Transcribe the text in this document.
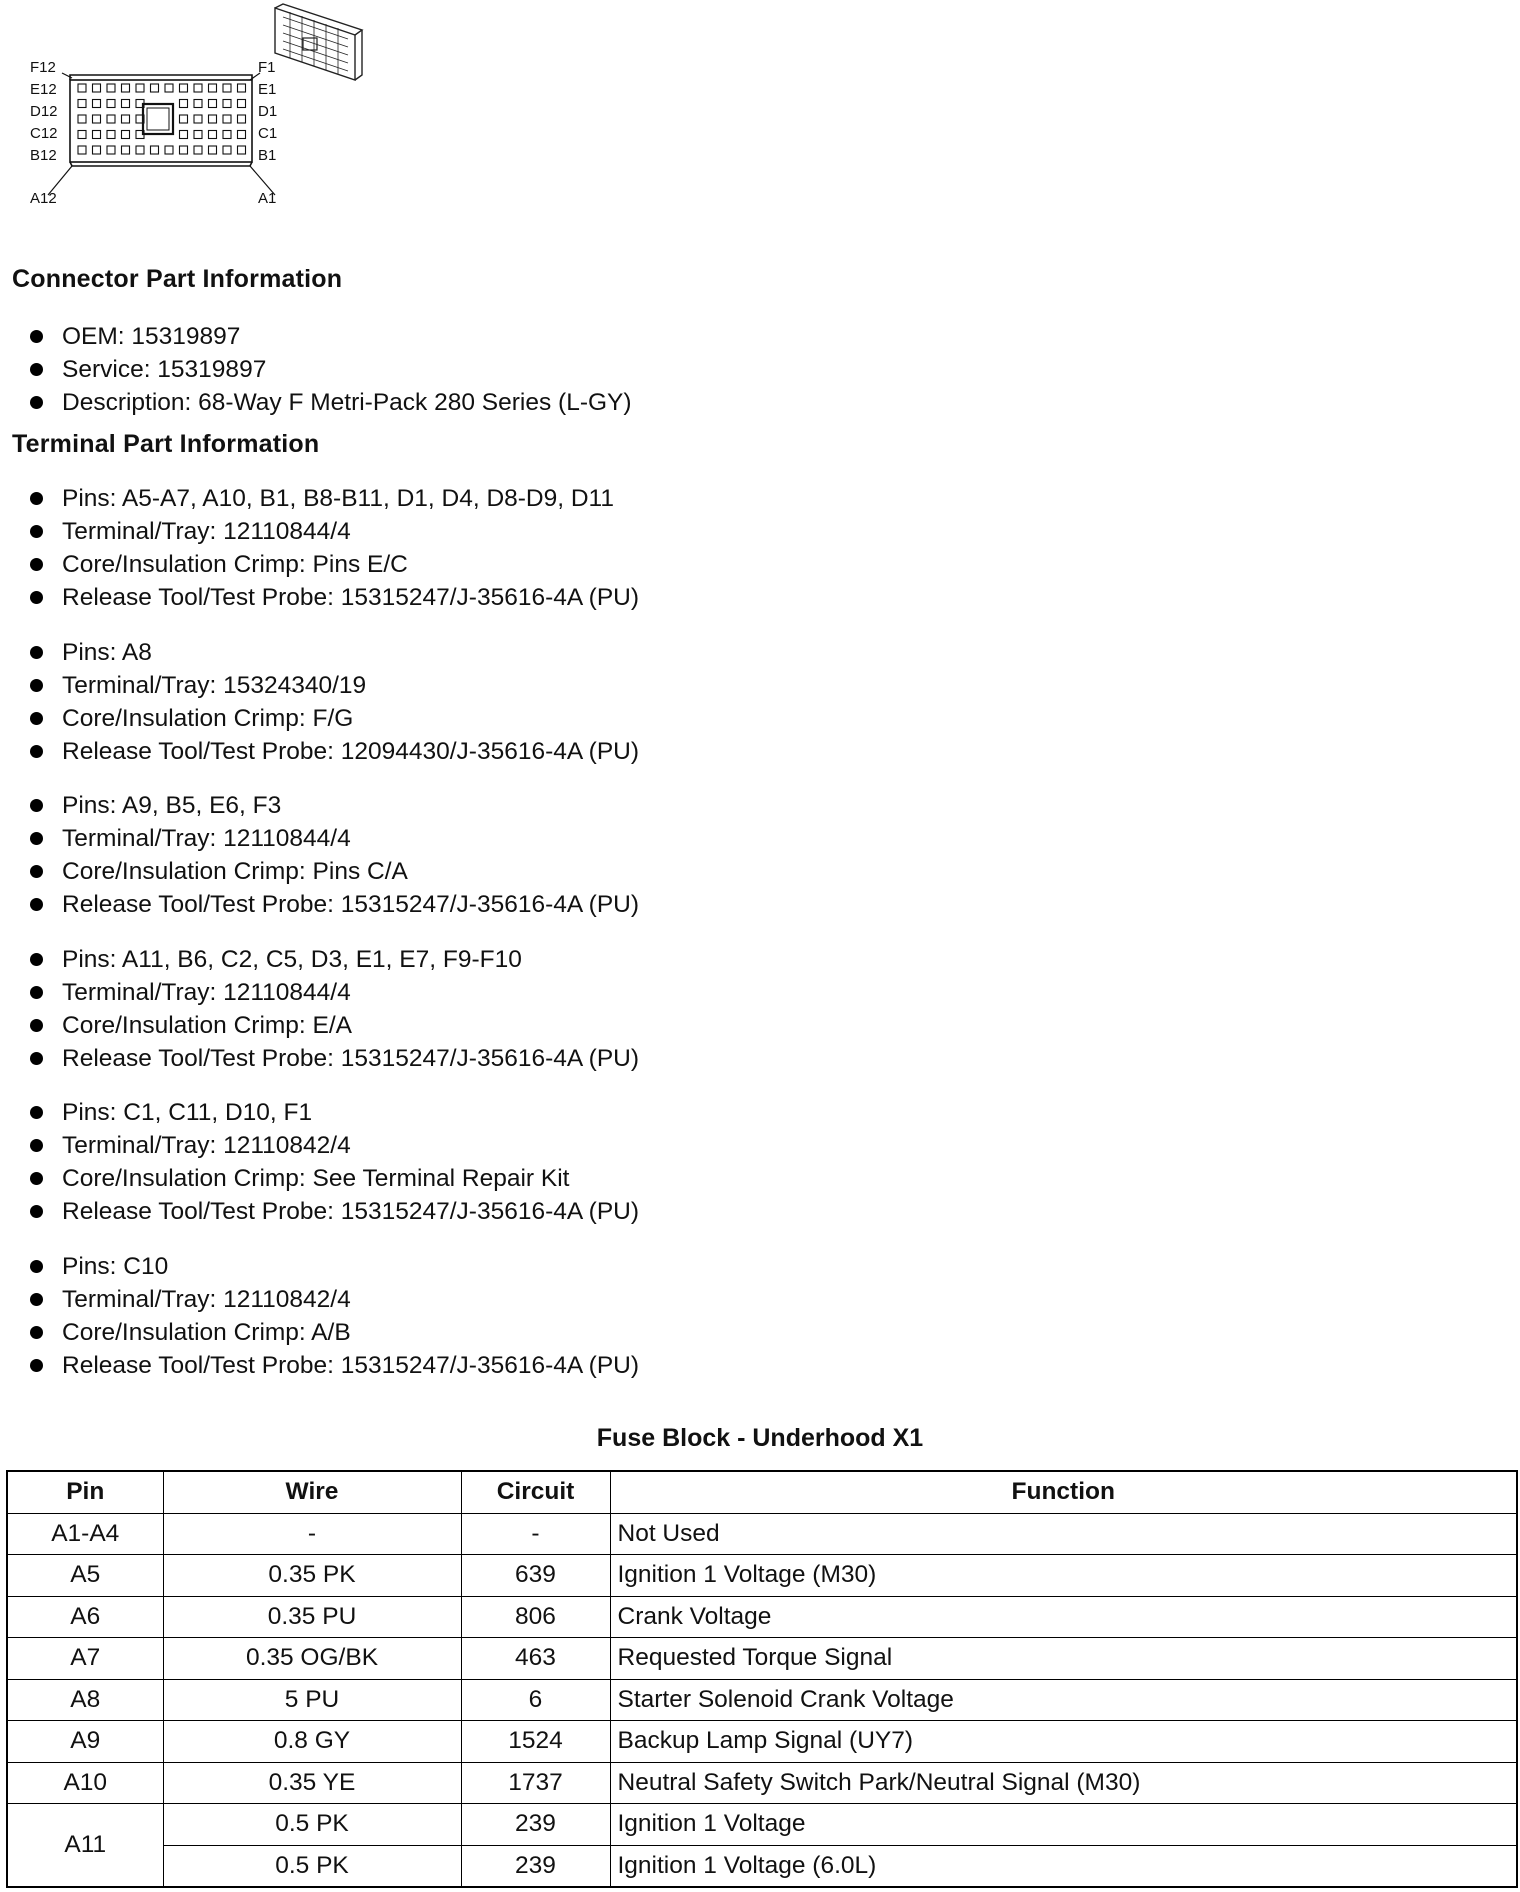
F12
E12
D12
C12
B12
A12
F1
E1
D1
C1
B1
A1
Connector Part Information
OEM: 15319897
Service: 15319897
Description: 68-Way F Metri-Pack 280 Series (L-GY)
Terminal Part Information
Pins: A5-A7, A10, B1, B8-B11, D1, D4, D8-D9, D11
Terminal/Tray: 12110844/4
Core/Insulation Crimp: Pins E/C
Release Tool/Test Probe: 15315247/J-35616-4A (PU)
Pins: A8
Terminal/Tray: 15324340/19
Core/Insulation Crimp: F/G
Release Tool/Test Probe: 12094430/J-35616-4A (PU)
Pins: A9, B5, E6, F3
Terminal/Tray: 12110844/4
Core/Insulation Crimp: Pins C/A
Release Tool/Test Probe: 15315247/J-35616-4A (PU)
Pins: A11, B6, C2, C5, D3, E1, E7, F9-F10
Terminal/Tray: 12110844/4
Core/Insulation Crimp: E/A
Release Tool/Test Probe: 15315247/J-35616-4A (PU)
Pins: C1, C11, D10, F1
Terminal/Tray: 12110842/4
Core/Insulation Crimp: See Terminal Repair Kit
Release Tool/Test Probe: 15315247/J-35616-4A (PU)
Pins: C10
Terminal/Tray: 12110842/4
Core/Insulation Crimp: A/B
Release Tool/Test Probe: 15315247/J-35616-4A (PU)
Fuse Block - Underhood X1
Pin	Wire	Circuit	Function
A1-A4	-	-	Not Used
A5	0.35 PK	639	Ignition 1 Voltage (M30)
A6	0.35 PU	806	Crank Voltage
A7	0.35 OG/BK	463	Requested Torque Signal
A8	5 PU	6	Starter Solenoid Crank Voltage
A9	0.8 GY	1524	Backup Lamp Signal (UY7)
A10	0.35 YE	1737	Neutral Safety Switch Park/Neutral Signal (M30)
A11	0.5 PK	239	Ignition 1 Voltage
	0.5 PK	239	Ignition 1 Voltage (6.0L)
